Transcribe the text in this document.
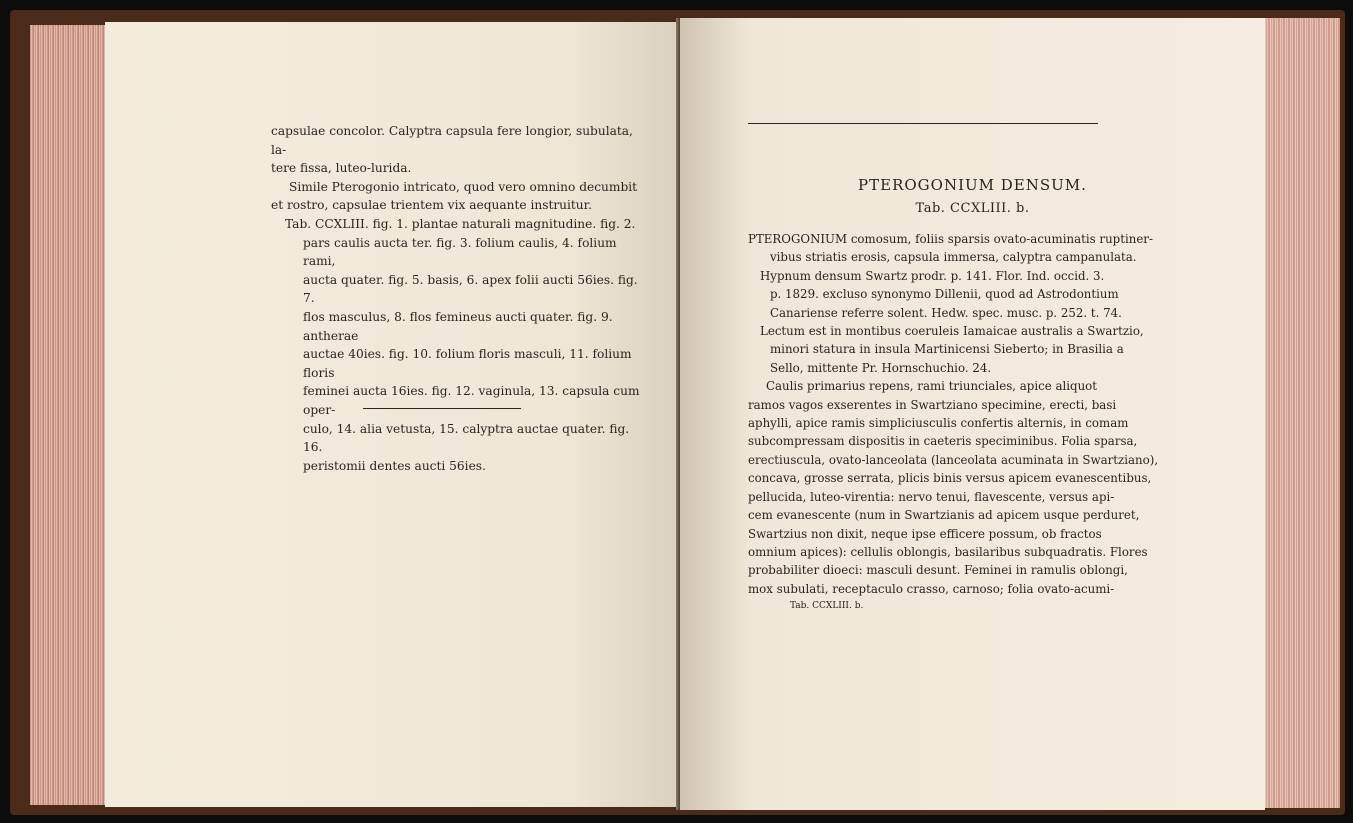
capsulae concolor. Calyptra capsula fere longior, subulata, la-

tere fissa, luteo-lurida.

Simile Pterogonio intricato, quod vero omnino decumbit

et rostro, capsulae trientem vix aequante instruitur.

Tab. CCXLIII. fig. 1. plantae naturali magnitudine. fig. 2.

pars caulis aucta ter. fig. 3. folium caulis, 4. folium rami,

aucta quater. fig. 5. basis, 6. apex folii aucti 56ies. fig. 7.

flos masculus, 8. flos femineus aucti quater. fig. 9. antherae

auctae 40ies. fig. 10. folium floris masculi, 11. folium floris

feminei aucta 16ies. fig. 12. vaginula, 13. capsula cum oper-

culo, 14. alia vetusta, 15. calyptra auctae quater. fig. 16.

peristomii dentes aucti 56ies.

PTEROGONIUM DENSUM.
Tab. CCXLIII. b.

PTEROGONIUM comosum, foliis sparsis ovato-acuminatis ruptiner-

vibus striatis erosis, capsula immersa, calyptra campanulata.

Hypnum densum Swartz prodr. p. 141. Flor. Ind. occid. 3.

p. 1829. excluso synonymo Dillenii, quod ad Astrodontium

Canariense referre solent. Hedw. spec. musc. p. 252. t. 74.

Lectum est in montibus coeruleis Iamaicae australis a Swartzio,

minori statura in insula Martinicensi Sieberto; in Brasilia a

Sello, mittente Pr. Hornschuchio. 24.

Caulis primarius repens, rami triunciales, apice aliquot

ramos vagos exserentes in Swartziano specimine, erecti, basi

aphylli, apice ramis simpliciusculis confertis alternis, in comam

subcompressam dispositis in caeteris speciminibus. Folia sparsa,

erectiuscula, ovato-lanceolata (lanceolata acuminata in Swartziano),

concava, grosse serrata, plicis binis versus apicem evanescentibus,

pellucida, luteo-virentia: nervo tenui, flavescente, versus api-

cem evanescente (num in Swartzianis ad apicem usque perduret,

Swartzius non dixit, neque ipse efficere possum, ob fractos

omnium apices): cellulis oblongis, basilaribus subquadratis. Flores

probabiliter dioeci: masculi desunt. Feminei in ramulis oblongi,

mox subulati, receptaculo crasso, carnoso; folia ovato-acumi-

Tab. CCXLIII. b.
